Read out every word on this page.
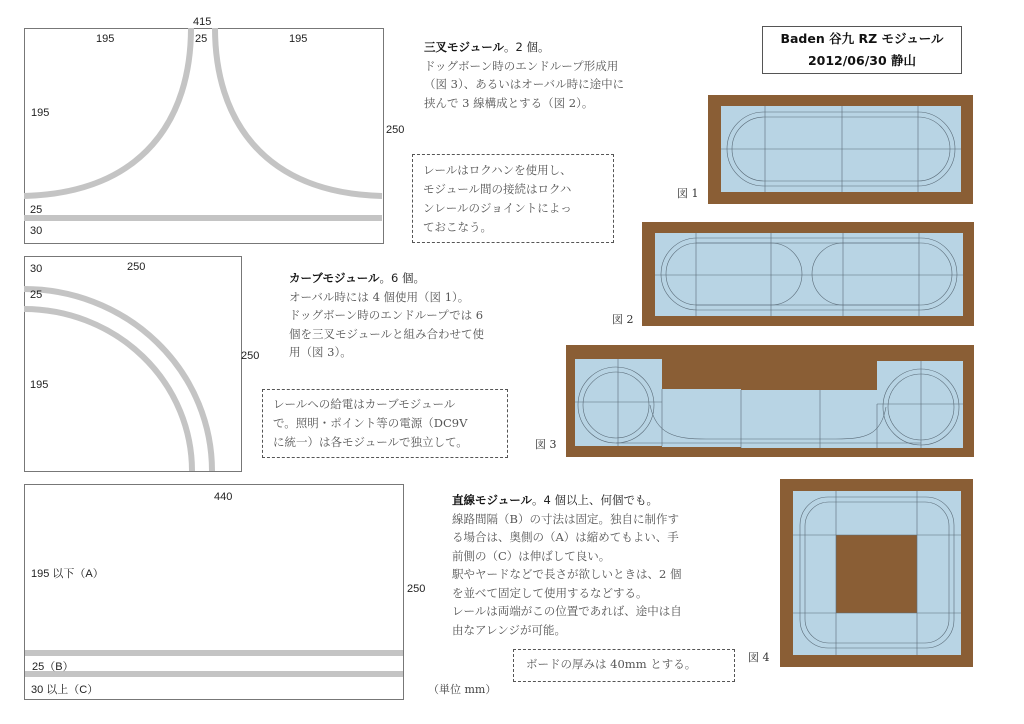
Baden 谷九 RZ モジュール
2012/06/30 静山
415
195	25	195
195
25
30
250
30	250
25
195
250
440
195 以下（A）
25（B）
30 以上（C）
250
三叉モジュール。2 個。
ドッグボーン時のエンドループ形成用
（図 3）、あるいはオーバル時に途中に
挟んで 3 線構成とする（図 2）。
カーブモジュール。6 個。
オーバル時には 4 個使用（図 1）。
ドッグボーン時のエンドループでは 6
個を三叉モジュールと組み合わせて使
用（図 3）。
直線モジュール。4 個以上、何個でも。
線路間隔（B）の寸法は固定。独自に制作す
る場合は、奥側の（A）は縮めてもよい、手
前側の（C）は伸ばして良い。
駅やヤードなどで長さが欲しいときは、2 個
を並べて固定して使用するなどする。
レールは両端がこの位置であれば、途中は自
由なアレンジが可能。
レールはロクハンを使用し、
モジュール間の接続はロクハ
ンレールのジョイントによっ
ておこなう。
レールへの給電はカーブモジュール
で。照明・ポイント等の電源（DC9V
に統一）は各モジュールで独立して。
ボードの厚みは 40mm とする。
（単位 mm）
図 1
図 2
図 3
図 4
